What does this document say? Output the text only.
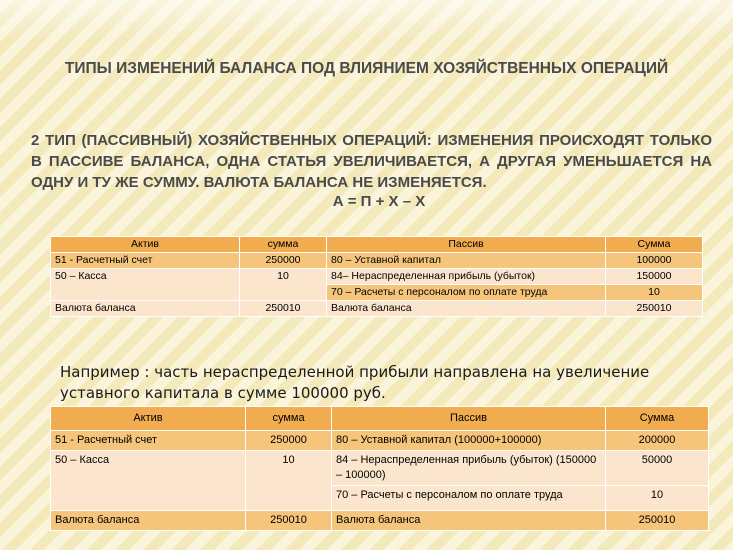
ТИПЫ ИЗМЕНЕНИЙ БАЛАНСА ПОД ВЛИЯНИЕМ ХОЗЯЙСТВЕННЫХ ОПЕРАЦИЙ
2 ТИП (ПАССИВНЫЙ) ХОЗЯЙСТВЕННЫХ ОПЕРАЦИЙ: ИЗМЕНЕНИЯ ПРОИСХОДЯТ ТОЛЬКО В ПАССИВЕ БАЛАНСА, ОДНА СТАТЬЯ УВЕЛИЧИВАЕТСЯ, А ДРУГАЯ УМЕНЬШАЕТСЯ НА ОДНУ И ТУ ЖЕ СУММУ. ВАЛЮТА БАЛАНСА НЕ ИЗМЕНЯЕТСЯ.
А = П + Х – Х
Актив	сумма	Пассив	Сумма
51 - Расчетный счет	250000	80 – Уставной капитал	100000
50 – Касса	10	84– Нераспределенная прибыль (убыток)	150000
		70 – Расчеты с персоналом по оплате труда	10
Валюта баланса	250010	Валюта баланса	250010
Например : часть нераспределенной прибыли направлена на увеличение уставного капитала в сумме 100000 руб.
Актив	сумма	Пассив	Сумма
51 - Расчетный счет	250000	80 – Уставной капитал (100000+100000)	200000
50 – Касса	10	84 – Нераспределенная прибыль (убыток) (150000 – 100000)	50000
		70 – Расчеты с персоналом по оплате труда	10
Валюта баланса	250010	Валюта баланса	250010
